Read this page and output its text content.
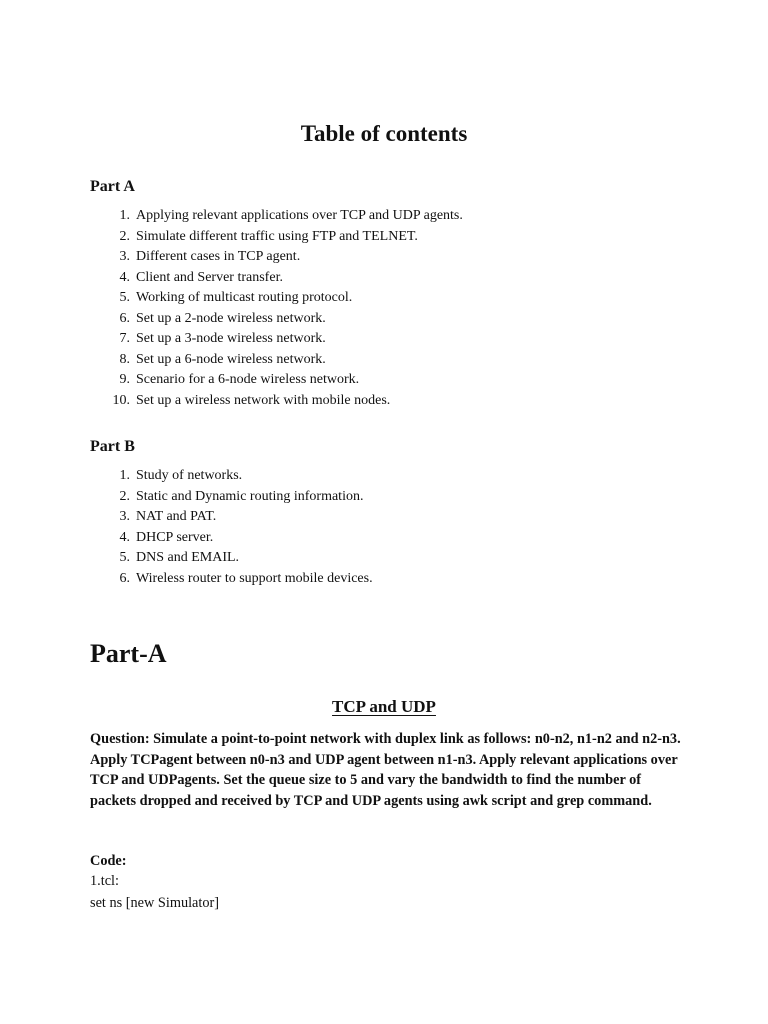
Table of contents
Part A
1. Applying relevant applications over TCP and UDP agents.
2. Simulate different traffic using FTP and TELNET.
3. Different cases in TCP agent.
4. Client and Server transfer.
5. Working of multicast routing protocol.
6. Set up a 2-node wireless network.
7. Set up a 3-node wireless network.
8. Set up a 6-node wireless network.
9. Scenario for a 6-node wireless network.
10. Set up a wireless network with mobile nodes.
Part B
1. Study of networks.
2. Static and Dynamic routing information.
3. NAT and PAT.
4. DHCP server.
5. DNS and EMAIL.
6. Wireless router to support mobile devices.
Part-A
TCP and UDP

Question: Simulate a point-to-point network with duplex link as follows: n0-n2, n1-n2 and n2-n3. Apply TCPagent between n0-n3 and UDP agent between n1-n3. Apply relevant applications over TCP and UDPagents. Set the queue size to 5 and vary the bandwidth to find the number of packets dropped and received by TCP and UDP agents using awk script and grep command.

Code:
1.tcl:
set ns [new Simulator]
